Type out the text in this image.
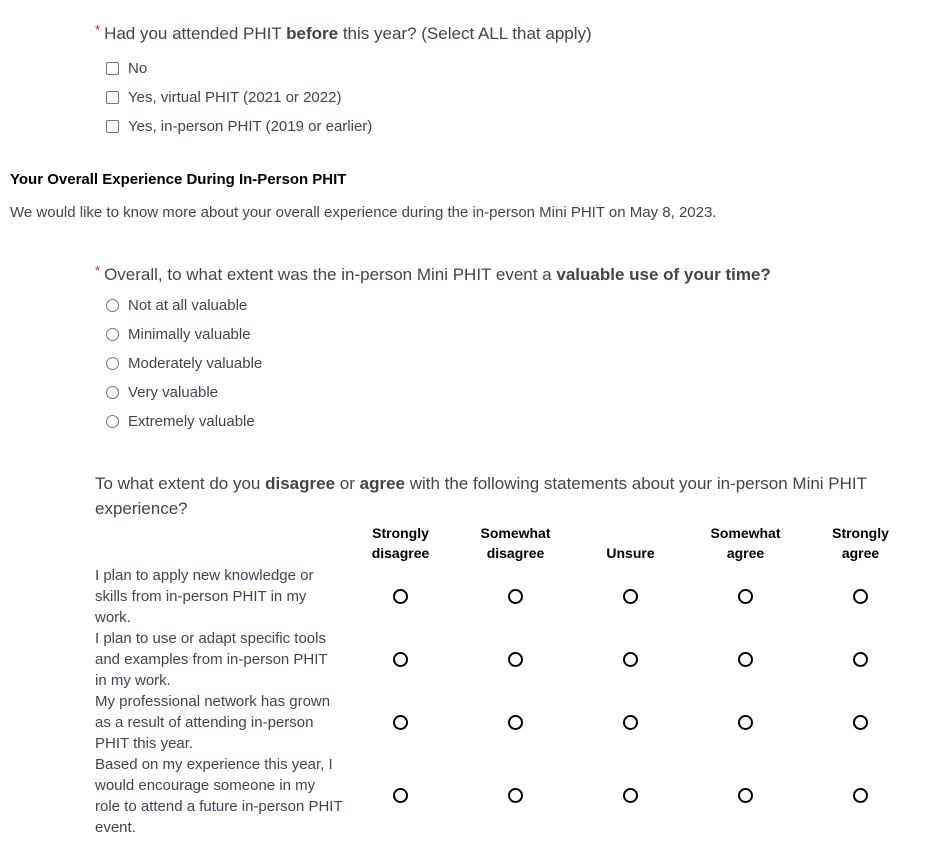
* Had you attended PHIT before this year? (Select ALL that apply)
No
Yes, virtual PHIT (2021 or 2022)
Yes, in-person PHIT (2019 or earlier)
Your Overall Experience During In-Person PHIT
We would like to know more about your overall experience during the in-person Mini PHIT on May 8, 2023.
* Overall, to what extent was the in-person Mini PHIT event a valuable use of your time?
Not at all valuable
Minimally valuable
Moderately valuable
Very valuable
Extremely valuable
To what extent do you disagree or agree with the following statements about your in-person Mini PHIT experience?
	Strongly disagree	Somewhat disagree	Unsure	Somewhat agree	Strongly agree
I plan to apply new knowledge or skills from in-person PHIT in my work.					
I plan to use or adapt specific tools and examples from in-person PHIT in my work.					
My professional network has grown as a result of attending in-person PHIT this year.					
Based on my experience this year, I would encourage someone in my role to attend a future in-person PHIT event.					
